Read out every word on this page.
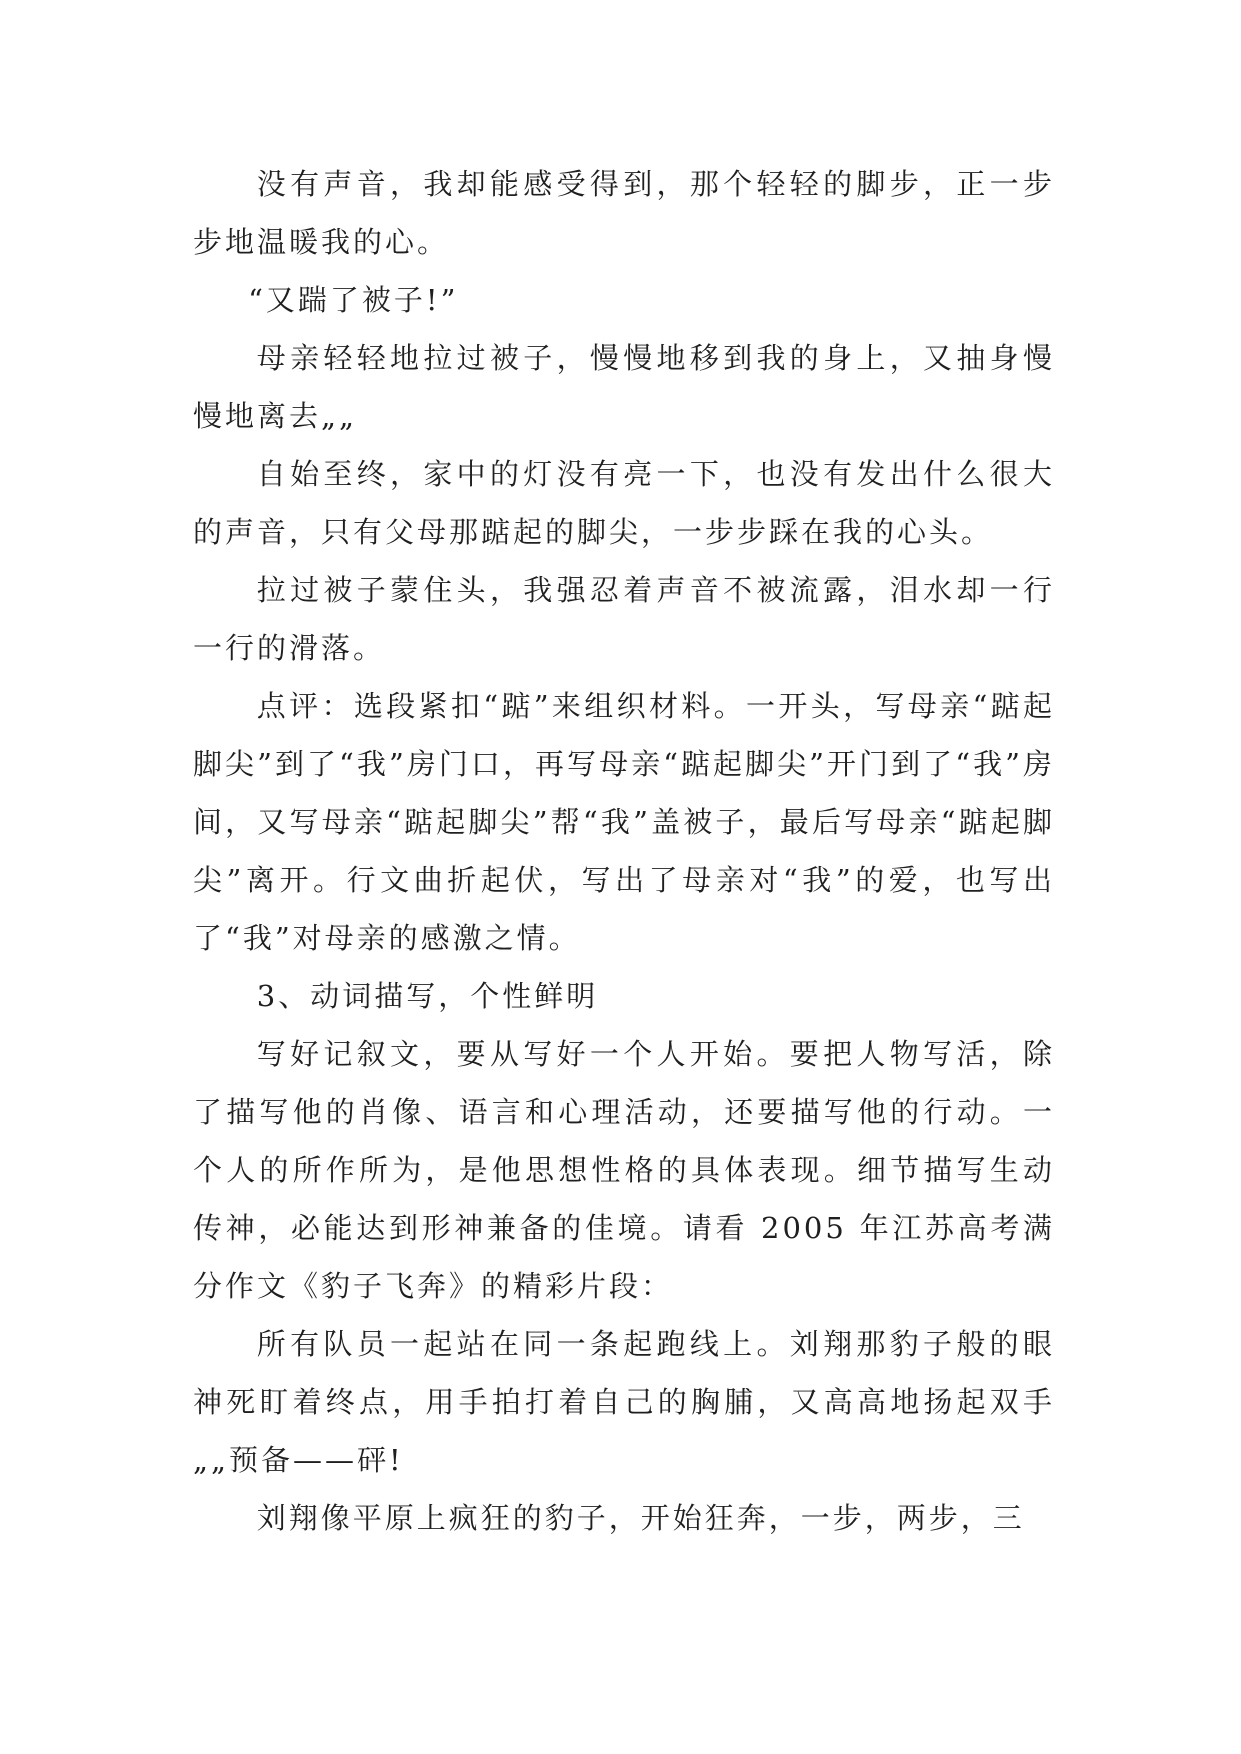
没有声音，我却能感受得到，那个轻轻的脚步，正一步步地温暖我的心。

“又踹了被子!”

母亲轻轻地拉过被子，慢慢地移到我的身上，又抽身慢慢地离去„„

自始至终，家中的灯没有亮一下，也没有发出什么很大的声音，只有父母那踮起的脚尖，一步步踩在我的心头。

拉过被子蒙住头，我强忍着声音不被流露，泪水却一行一行的滑落。

点评：选段紧扣“踮”来组织材料。一开头，写母亲“踮起脚尖”到了“我”房门口，再写母亲“踮起脚尖”开门到了“我”房间，又写母亲“踮起脚尖”帮“我”盖被子，最后写母亲“踮起脚尖”离开。行文曲折起伏，写出了母亲对“我”的爱，也写出了“我”对母亲的感激之情。

3、动词描写，个性鲜明

写好记叙文，要从写好一个人开始。要把人物写活，除了描写他的肖像、语言和心理活动，还要描写他的行动。一个人的所作所为，是他思想性格的具体表现。细节描写生动传神，必能达到形神兼备的佳境。请看 2005 年江苏高考满分作文《豹子飞奔》的精彩片段：

所有队员一起站在同一条起跑线上。刘翔那豹子般的眼神死盯着终点，用手拍打着自己的胸脯，又高高地扬起双手„„预备——砰!

刘翔像平原上疯狂的豹子，开始狂奔，一步，两步，三
